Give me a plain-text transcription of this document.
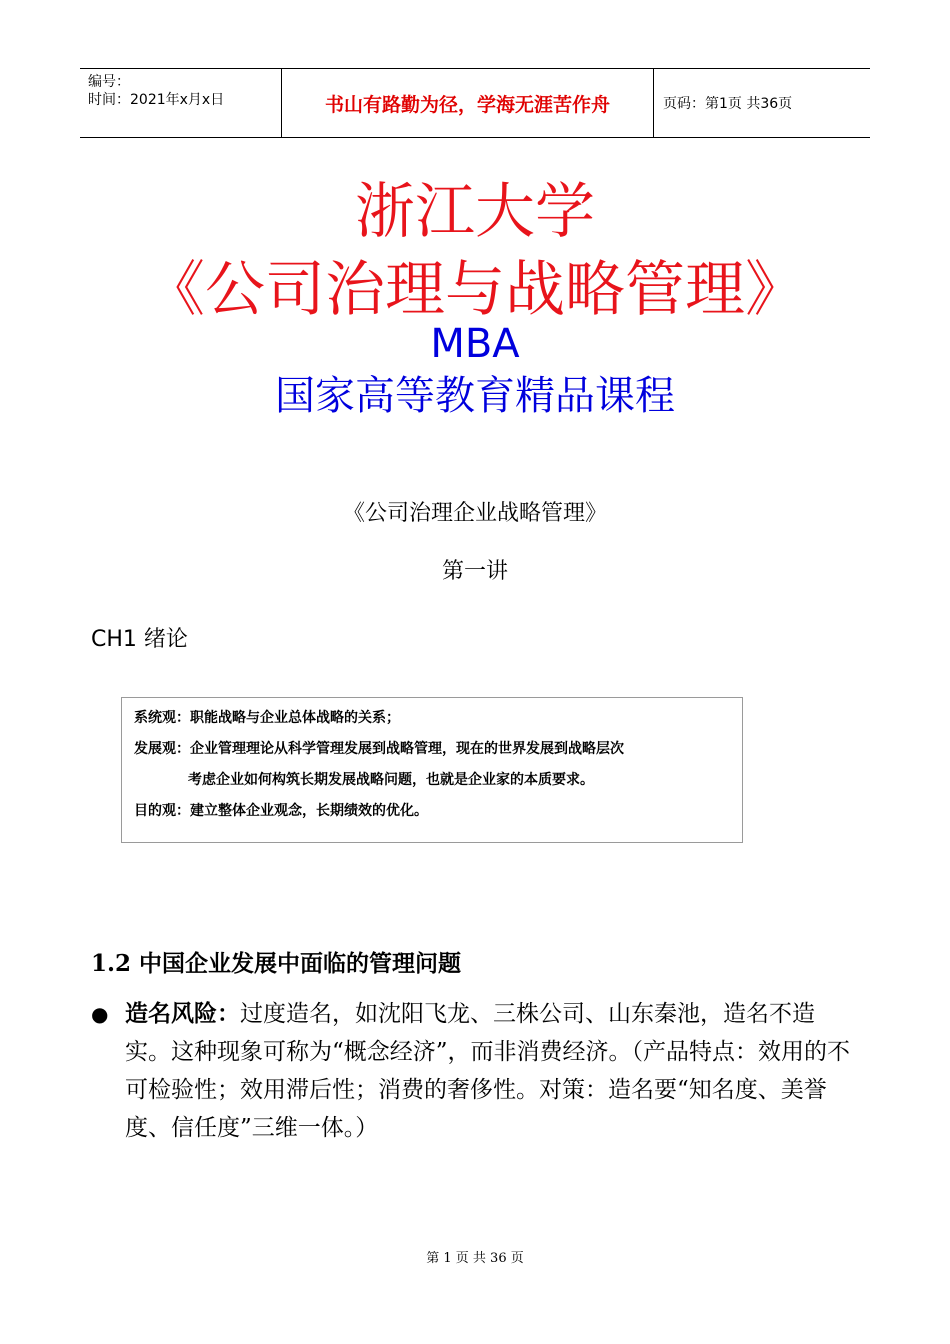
编号：
时间：2021年x月x日	书山有路勤为径，学海无涯苦作舟	页码：第1页 共36页
浙江大学
《公司治理与战略管理》
MBA
国家高等教育精品课程
《公司治理企业战略管理》
第一讲
CH1 绪论
系统观：职能战略与企业总体战略的关系；
发展观：企业管理理论从科学管理发展到战略管理，现在的世界发展到战略层次
考虑企业如何构筑长期发展战略问题，也就是企业家的本质要求。
目的观：建立整体企业观念，长期绩效的优化。
1.2 中国企业发展中面临的管理问题
● 造名风险：过度造名，如沈阳飞龙、三株公司、山东秦池，造名不造实。这种现象可称为“概念经济”，而非消费经济。（产品特点：效用的不可检验性；效用滞后性；消费的奢侈性。对策：造名要“知名度、美誉度、信任度”三维一体。）
第 1 页 共 36 页
